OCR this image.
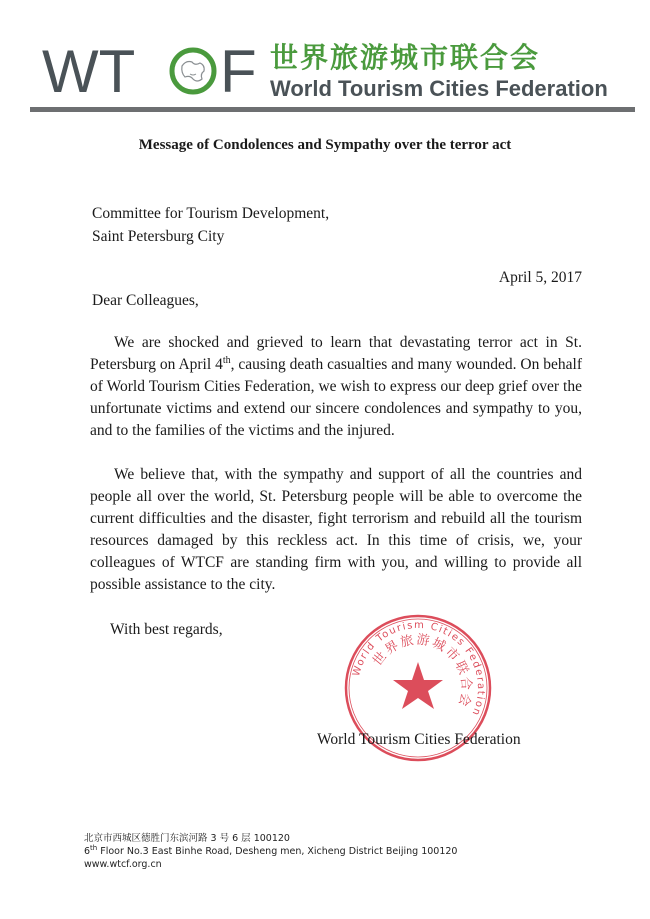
WT F 世界旅游城市联合会
World Tourism Cities Federation
Message of Condolences and Sympathy over the terror act
Committee for Tourism Development,
Saint Petersburg City
April 5, 2017
Dear Colleagues,
We are shocked and grieved to learn that devastating terror act in St. Petersburg on April 4th, causing death casualties and many wounded. On behalf of World Tourism Cities Federation, we wish to express our deep grief over the unfortunate victims and extend our sincere condolences and sympathy to you, and to the families of the victims and the injured.
We believe that, with the sympathy and support of all the countries and people all over the world, St. Petersburg people will be able to overcome the current difficulties and the disaster, fight terrorism and rebuild all the tourism resources damaged by this reckless act. In this time of crisis, we, your colleagues of WTCF are standing firm with you, and willing to provide all possible assistance to the city.
With best regards,
World Tourism Cities Federation
世界旅游城市联合会
World Tourism Cities Federation
北京市西城区德胜门东滨河路 3 号 6 层 100120
6th Floor No.3 East Binhe Road, Desheng men, Xicheng District Beijing 100120
www.wtcf.org.cn
